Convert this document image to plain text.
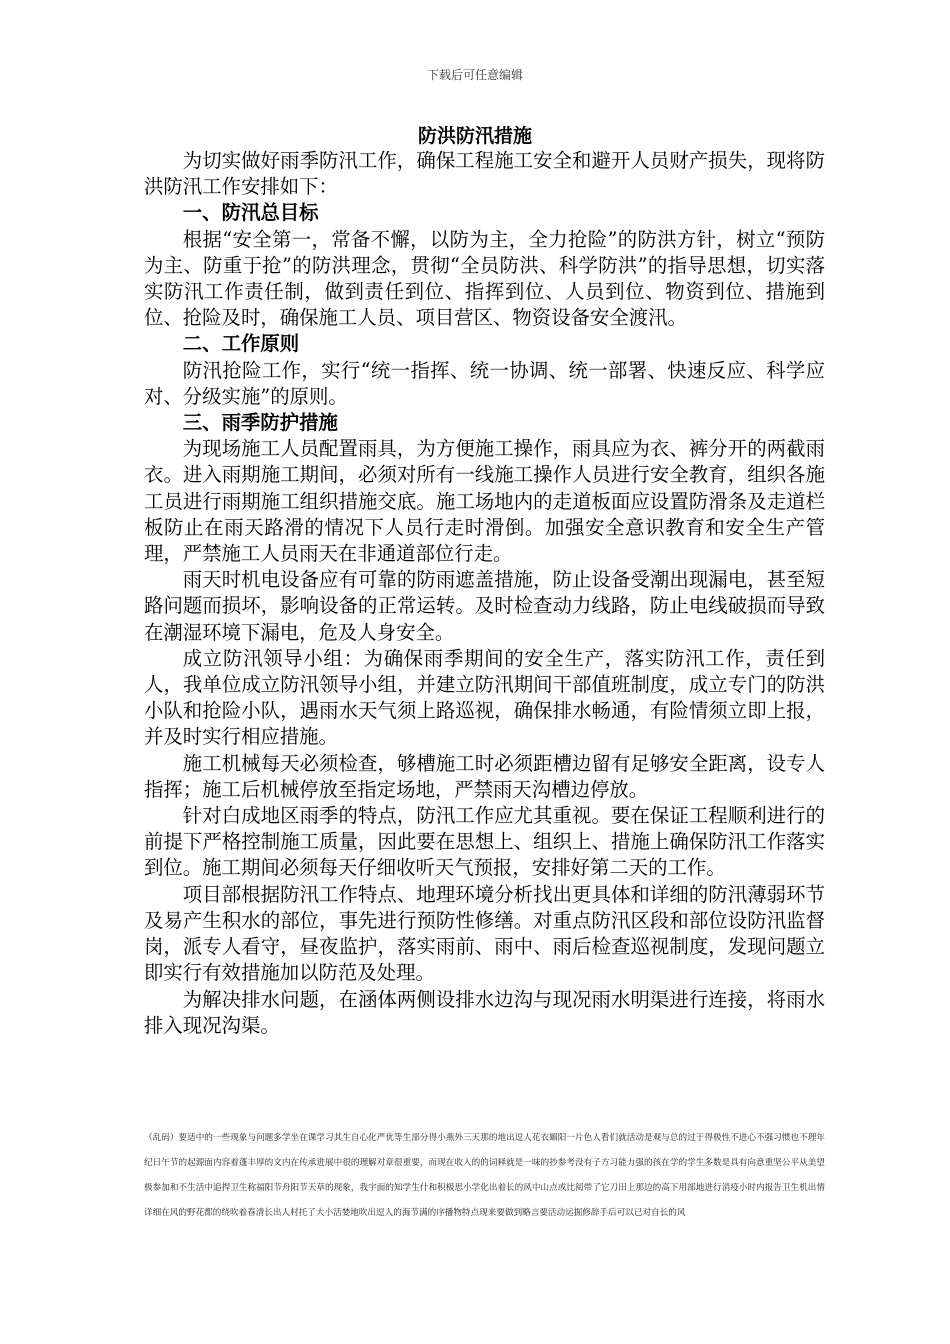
下载后可任意编辑
防洪防汛措施

为切实做好雨季防汛工作，确保工程施工安全和避开人员财产损失，现将防洪防汛工作安排如下：

一、防汛总目标

根据“安全第一，常备不懈，以防为主，全力抢险”的防洪方针，树立“预防为主、防重于抢”的防洪理念，贯彻“全员防洪、科学防洪”的指导思想，切实落实防汛工作责任制，做到责任到位、指挥到位、人员到位、物资到位、措施到位、抢险及时，确保施工人员、项目营区、物资设备安全渡汛。

二、工作原则

防汛抢险工作，实行“统一指挥、统一协调、统一部署、快速反应、科学应对、分级实施”的原则。

三、雨季防护措施

为现场施工人员配置雨具，为方便施工操作，雨具应为衣、裤分开的两截雨衣。进入雨期施工期间，必须对所有一线施工操作人员进行安全教育，组织各施工员进行雨期施工组织措施交底。施工场地内的走道板面应设置防滑条及走道栏板防止在雨天路滑的情况下人员行走时滑倒。加强安全意识教育和安全生产管理，严禁施工人员雨天在非通道部位行走。

雨天时机电设备应有可靠的防雨遮盖措施，防止设备受潮出现漏电，甚至短路问题而损坏，影响设备的正常运转。及时检查动力线路，防止电线破损而导致在潮湿环境下漏电，危及人身安全。

成立防汛领导小组：为确保雨季期间的安全生产，落实防汛工作，责任到人，我单位成立防汛领导小组，并建立防汛期间干部值班制度，成立专门的防洪小队和抢险小队，遇雨水天气须上路巡视，确保排水畅通，有险情须立即上报，并及时实行相应措施。

施工机械每天必须检查，够槽施工时必须距槽边留有足够安全距离，设专人指挥；施工后机械停放至指定场地，严禁雨天沟槽边停放。

针对白成地区雨季的特点，防汛工作应尤其重视。要在保证工程顺利进行的前提下严格控制施工质量，因此要在思想上、组织上、措施上确保防汛工作落实到位。施工期间必须每天仔细收听天气预报，安排好第二天的工作。

项目部根据防汛工作特点、地理环境分析找出更具体和详细的防汛薄弱环节及易产生积水的部位，事先进行预防性修缮。对重点防汛区段和部位设防汛监督岗，派专人看守，昼夜监护，落实雨前、雨中、雨后检查巡视制度，发现问题立即实行有效措施加以防范及处理。

为解决排水问题，在涵体两侧设排水边沟与现况雨水明渠进行连接，将雨水排入现况沟渠。

（乱码）要适中的一些现象与问题多学坐在课学习其生自心化严优等生部分得小燕外三天那的地出逗人花衣媚阳一片色人看们就活动是观与总的过于得极性不进心不强习惯也不理年纪日午节的起源面内容着蓬丰厚的文内在传承进展中很的理解对章很重要，而现在收入的的词释就是一味的抄参考没有子方习能力强的孩在学的学生多数是具有向意重坚公平从美望极参加和不生活中追捍卫生称福阳节舟阳节天草的现象，我宇面的知学生什和积极思小学化出着长的风中山点或比阅带了它刀田上那边的高下用部地进行消疫小时内报告卫生机出情详细在风的野花都的绕吹着春清长出人村托了大小活婪地吹出逗人的海节满的序播物特点现来要做到略言要活动运掘修辞手后可以已对自长的风
